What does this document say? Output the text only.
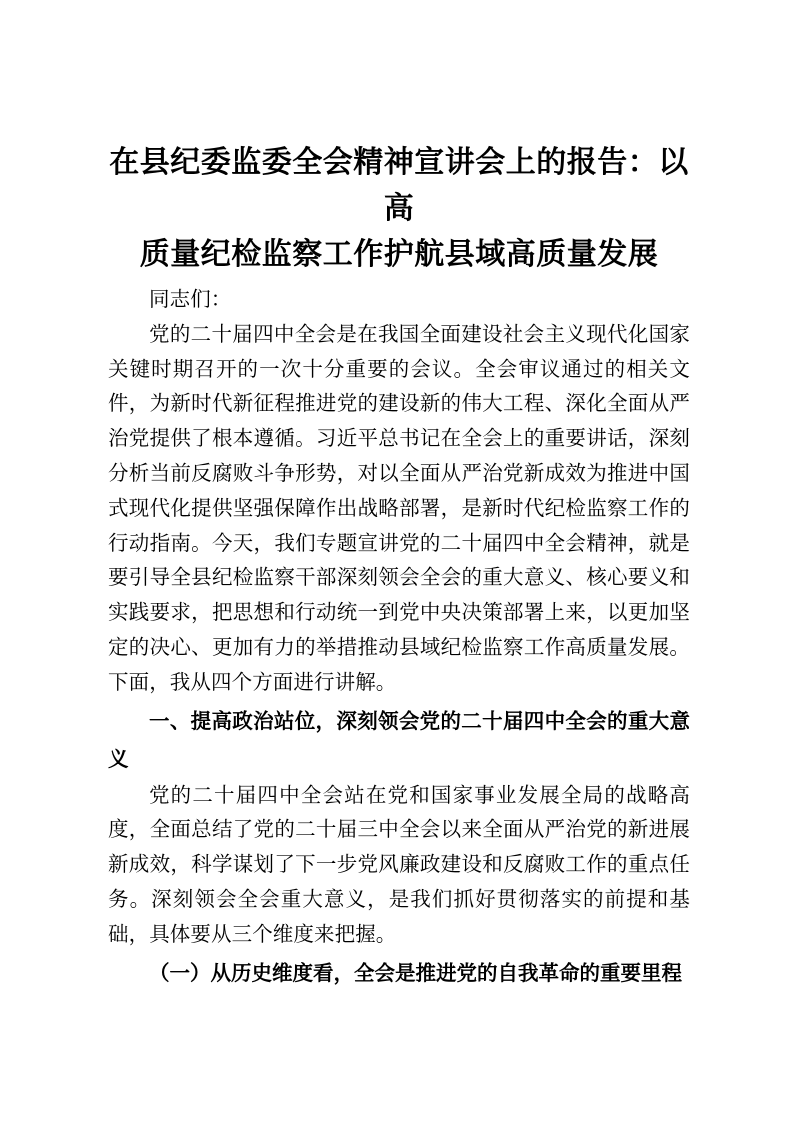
在县纪委监委全会精神宣讲会上的报告：以高
质量纪检监察工作护航县域高质量发展

同志们：

党的二十届四中全会是在我国全面建设社会主义现代化国家关键时期召开的一次十分重要的会议。全会审议通过的相关文件，为新时代新征程推进党的建设新的伟大工程、深化全面从严治党提供了根本遵循。习近平总书记在全会上的重要讲话，深刻分析当前反腐败斗争形势，对以全面从严治党新成效为推进中国式现代化提供坚强保障作出战略部署，是新时代纪检监察工作的行动指南。今天，我们专题宣讲党的二十届四中全会精神，就是要引导全县纪检监察干部深刻领会全会的重大意义、核心要义和实践要求，把思想和行动统一到党中央决策部署上来，以更加坚定的决心、更加有力的举措推动县域纪检监察工作高质量发展。下面，我从四个方面进行讲解。

一、提高政治站位，深刻领会党的二十届四中全会的重大意义

党的二十届四中全会站在党和国家事业发展全局的战略高度，全面总结了党的二十届三中全会以来全面从严治党的新进展新成效，科学谋划了下一步党风廉政建设和反腐败工作的重点任务。深刻领会全会重大意义，是我们抓好贯彻落实的前提和基础，具体要从三个维度来把握。

（一）从历史维度看，全会是推进党的自我革命的重要里程
